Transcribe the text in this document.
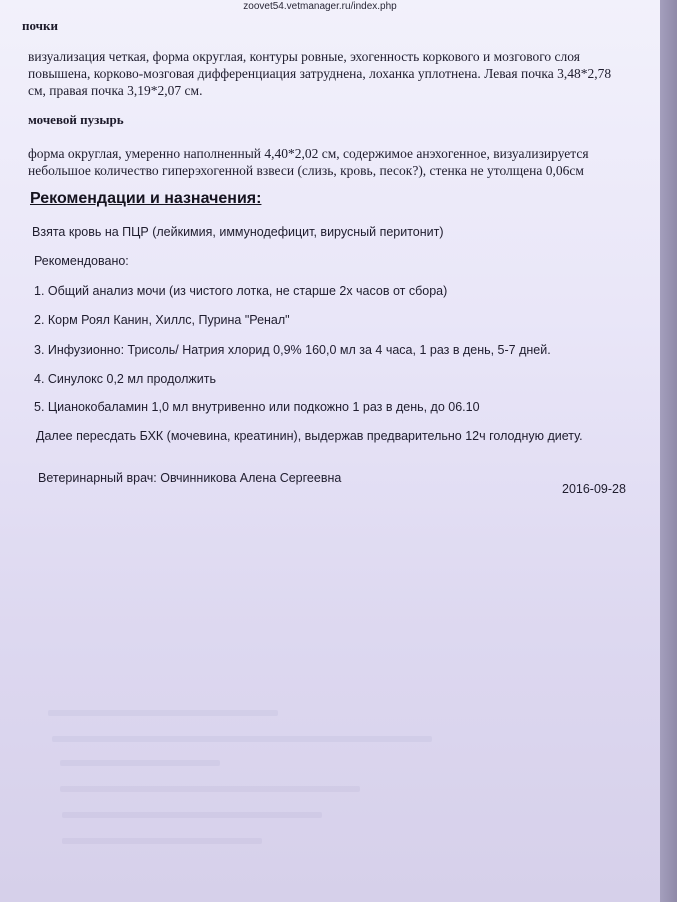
zoovet54.vetmanager.ru/index.php
почки
визуализация четкая, форма округлая, контуры ровные, эхогенность коркового и мозгового слоя
повышена, корково-мозговая дифференциация затруднена, лоханка уплотнена. Левая почка 3,48*2,78
см, правая почка 3,19*2,07 см.
мочевой пузырь
форма округлая, умеренно наполненный 4,40*2,02 см, содержимое анэхогенное, визуализируется
небольшое количество гиперэхогенной взвеси (слизь, кровь, песок?), стенка не утолщена 0,06см
Рекомендации и назначения:
Взята кровь на ПЦР (лейкимия, иммунодефицит, вирусный перитонит)
Рекомендовано:
1. Общий анализ мочи (из чистого лотка, не старше 2х часов от сбора)
2. Корм Роял Канин, Хиллс, Пурина "Ренал"
3. Инфузионно: Трисоль/ Натрия хлорид 0,9% 160,0 мл за 4 часа, 1 раз в день, 5-7 дней.
4. Синулокс 0,2 мл продолжить
5. Цианокобаламин 1,0 мл внутривенно или подкожно 1 раз в день, до 06.10
Далее пересдать БХК (мочевина, креатинин), выдержав предварительно 12ч голодную диету.
Ветеринарный врач: Овчинникова Алена Сергеевна
2016-09-28
